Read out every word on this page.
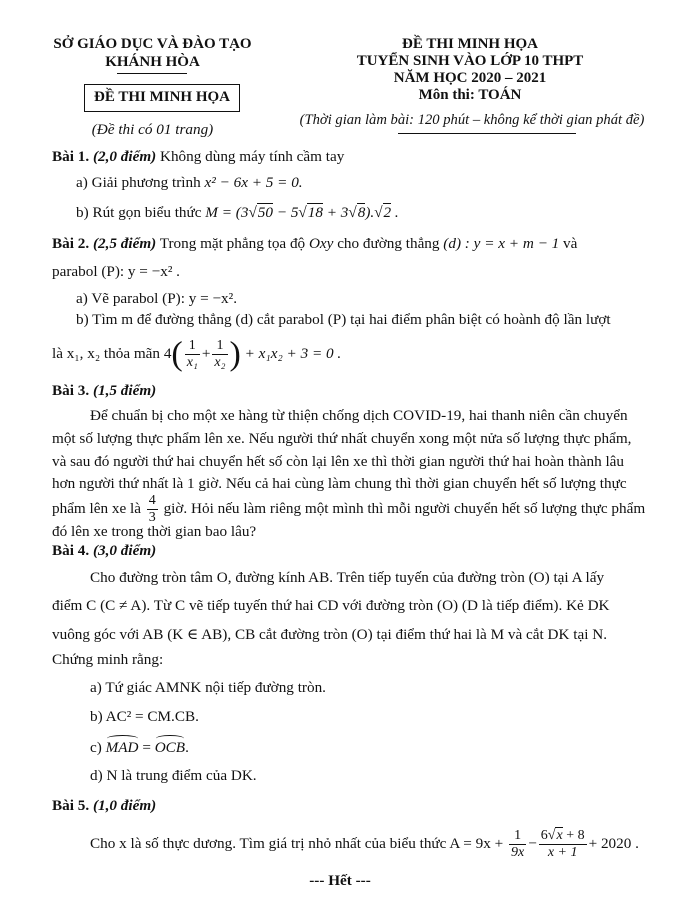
SỞ GIÁO DỤC VÀ ĐÀO TẠO
KHÁNH HÒA
ĐỀ THI MINH HỌA
(Đề thi có 01 trang)
ĐỀ THI MINH HỌA
TUYỂN SINH VÀO LỚP 10 THPT
NĂM HỌC 2020 – 2021
Môn thi: TOÁN
(Thời gian làm bài: 120 phút – không kể thời gian phát đề)
Bài 1. (2,0 điểm) Không dùng máy tính cầm tay
a) Giải phương trình x² − 6x + 5 = 0.
b) Rút gọn biểu thức M = (3√50 − 5√18 + 3√8).√2 .
Bài 2. (2,5 điểm) Trong mặt phẳng tọa độ Oxy cho đường thẳng (d) : y = x + m − 1 và
parabol (P): y = −x² .
a) Vẽ parabol (P): y = −x².
b) Tìm m để đường thẳng (d) cắt parabol (P) tại hai điểm phân biệt có hoành độ lần lượt
là x₁, x₂ thỏa mãn $4( \frac{1}{\text{x₁}} + \frac{1}{\text{x₂}}$ ) + x₁x₂ + 3 = 0 .
Bài 3. (1,5 điểm)
Để chuẩn bị cho một xe hàng từ thiện chống dịch COVID-19, hai thanh niên cần chuyển
một số lượng thực phẩm lên xe. Nếu người thứ nhất chuyển xong một nửa số lượng thực phẩm,
và sau đó người thứ hai chuyển hết số còn lại lên xe thì thời gian người thứ hai hoàn thành lâu
hơn người thứ nhất là 1 giờ. Nếu cả hai cùng làm chung thì thời gian chuyển hết số lượng thực
phẩm lên xe là $\frac{4}{3}$ giờ. Hỏi nếu làm riêng một mình thì mỗi người chuyển hết số lượng thực phẩm
đó lên xe trong thời gian bao lâu?
Bài 4. (3,0 điểm)
Cho đường tròn tâm O, đường kính AB. Trên tiếp tuyến của đường tròn (O) tại A lấy
điểm C (C ≠ A). Từ C vẽ tiếp tuyến thứ hai CD với đường tròn (O) (D là tiếp điểm). Kẻ DK
vuông góc với AB (K ∈ AB), CB cắt đường tròn (O) tại điểm thứ hai là M và cắt DK tại N.
Chứng minh rằng:
a) Tứ giác AMNK nội tiếp đường tròn.
b) AC² = CM.CB.
c) MAD = OCB.
d) N là trung điểm của DK.
Bài 5. (1,0 điểm)
Cho x là số thực dương. Tìm giá trị nhỏ nhất của biểu thức $A = 9x + \frac{1}{9x} - \frac{6√x + 8}{x + 1} + 2020$ .
--- Hết ---
